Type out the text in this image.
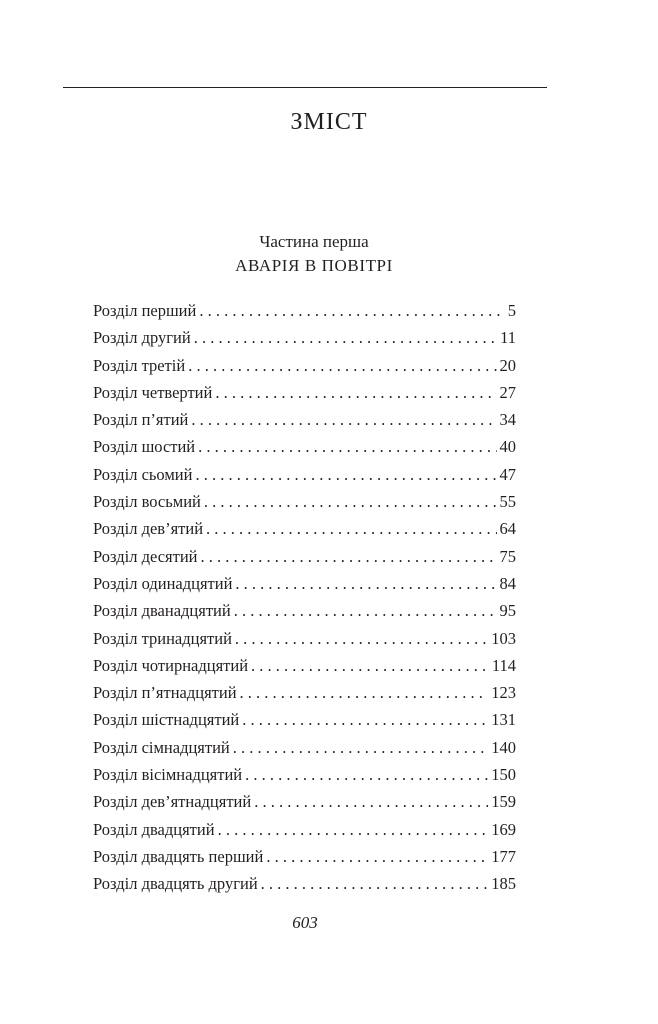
ЗМІСТ
Частина перша
АВАРІЯ В ПОВІТРІ
Розділ перший . . .	5
Розділ другий . . .	11
Розділ третій . . .	20
Розділ четвертий . . .	27
Розділ п’ятий . . .	34
Розділ шостий . . .	40
Розділ сьомий . . .	47
Розділ восьмий . . .	55
Розділ дев’ятий . . .	64
Розділ десятий . . .	75
Розділ одинадцятий . . .	84
Розділ дванадцятий . . .	95
Розділ тринадцятий . . .	103
Розділ чотирнадцятий . . .	114
Розділ п’ятнадцятий . . .	123
Розділ шістнадцятий . . .	131
Розділ сімнадцятий . . .	140
Розділ вісімнадцятий . . .	150
Розділ дев’ятнадцятий . . .	159
Розділ двадцятий . . .	169
Розділ двадцять перший . . .	177
Розділ двадцять другий . . .	185
603
